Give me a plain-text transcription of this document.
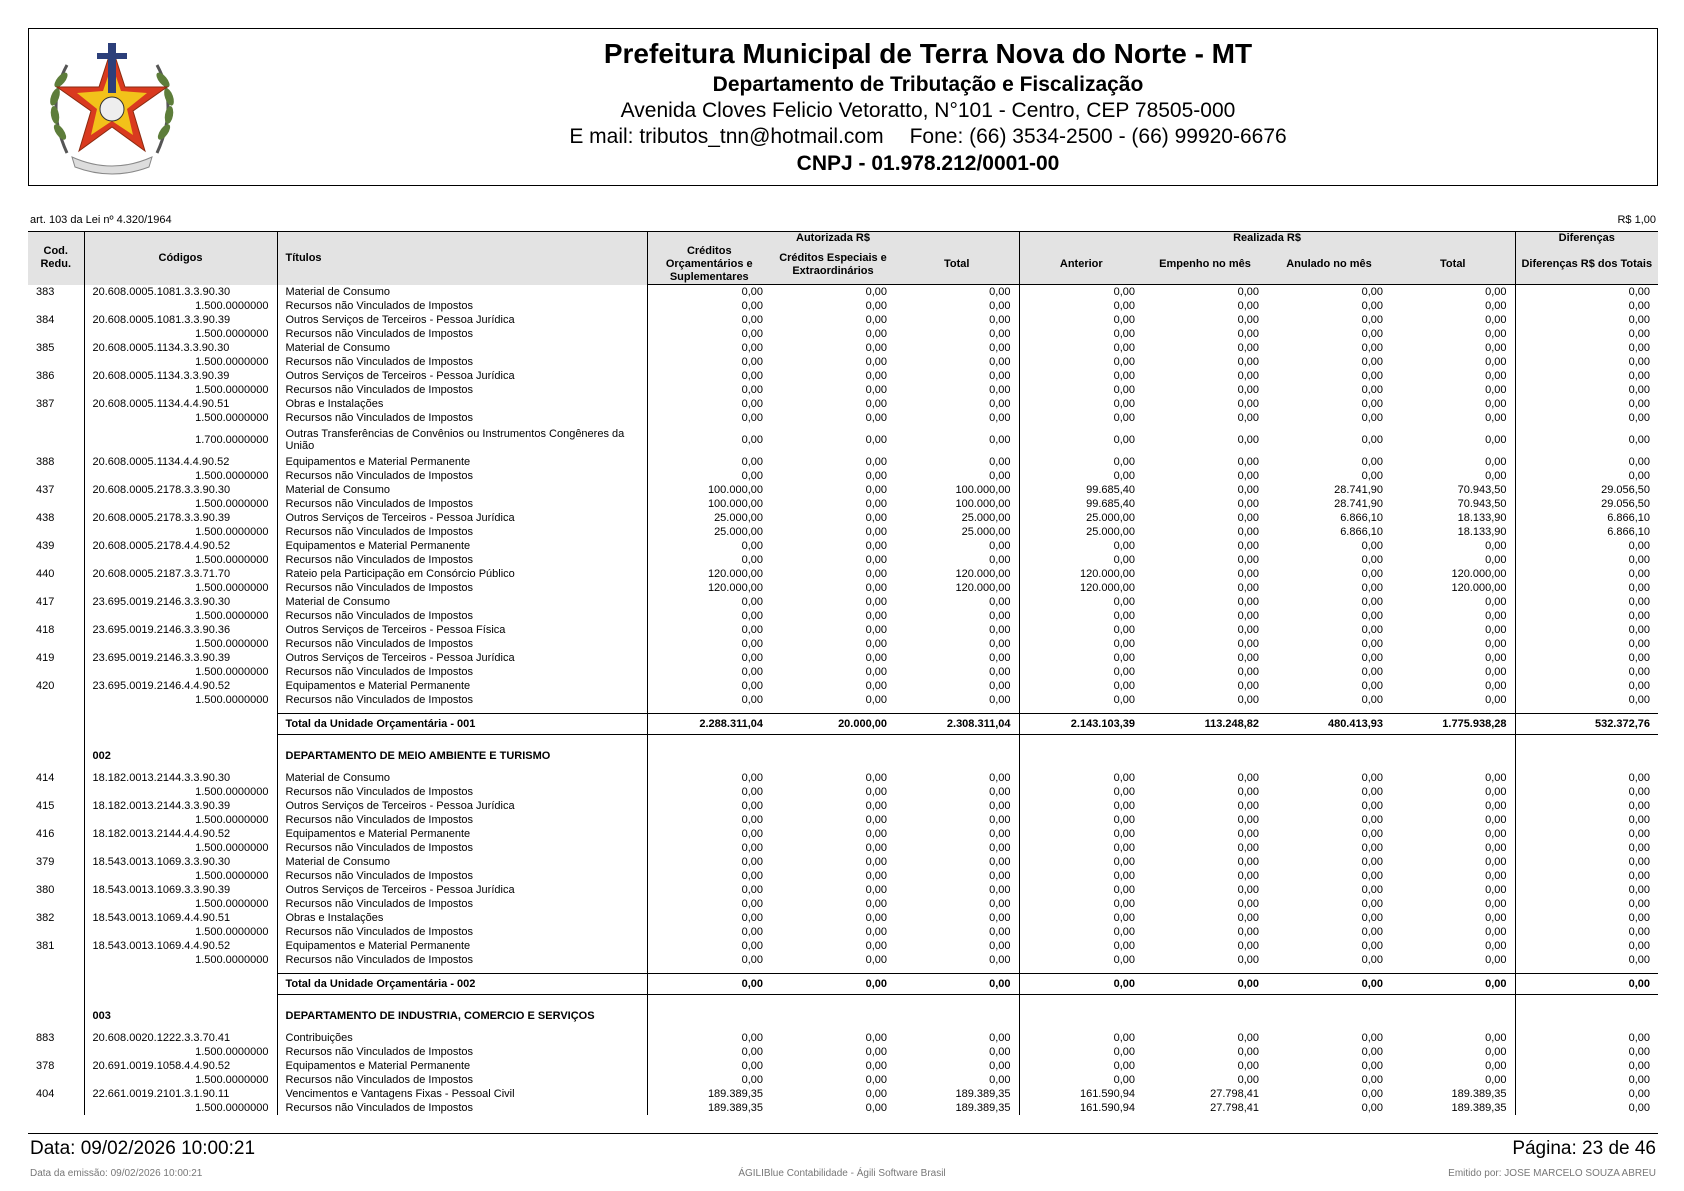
Prefeitura Municipal de Terra Nova do Norte - MT
Departamento de Tributação e Fiscalização
Avenida Cloves Felicio Vetoratto, N°101 - Centro, CEP 78505-000
E mail: tributos_tnn@hotmail.com Fone: (66) 3534-2500 - (66) 99920-6676
CNPJ - 01.978.212/0001-00
art. 103 da Lei nº 4.320/1964	R$ 1,00
Cod. Redu.	Códigos	Títulos	Autorizada R$			Realizada R$				Diferenças
			Créditos Orçamentários e Suplementares	Créditos Especiais e Extraordinários	Total	Anterior	Empenho no mês	Anulado no mês	Total	Diferenças R$ dos Totais
383	20.608.0005.1081.3.3.90.30	Material de Consumo	0,00	0,00	0,00	0,00	0,00	0,00	0,00	0,00
	1.500.0000000	Recursos não Vinculados de Impostos	0,00	0,00	0,00	0,00	0,00	0,00	0,00	0,00
384	20.608.0005.1081.3.3.90.39	Outros Serviços de Terceiros - Pessoa Jurídica	0,00	0,00	0,00	0,00	0,00	0,00	0,00	0,00
	1.500.0000000	Recursos não Vinculados de Impostos	0,00	0,00	0,00	0,00	0,00	0,00	0,00	0,00
385	20.608.0005.1134.3.3.90.30	Material de Consumo	0,00	0,00	0,00	0,00	0,00	0,00	0,00	0,00
	1.500.0000000	Recursos não Vinculados de Impostos	0,00	0,00	0,00	0,00	0,00	0,00	0,00	0,00
386	20.608.0005.1134.3.3.90.39	Outros Serviços de Terceiros - Pessoa Jurídica	0,00	0,00	0,00	0,00	0,00	0,00	0,00	0,00
	1.500.0000000	Recursos não Vinculados de Impostos	0,00	0,00	0,00	0,00	0,00	0,00	0,00	0,00
387	20.608.0005.1134.4.4.90.51	Obras e Instalações	0,00	0,00	0,00	0,00	0,00	0,00	0,00	0,00
	1.500.0000000	Recursos não Vinculados de Impostos	0,00	0,00	0,00	0,00	0,00	0,00	0,00	0,00
	1.700.0000000	Outras Transferências de Convênios ou Instrumentos Congêneres da União	0,00	0,00	0,00	0,00	0,00	0,00	0,00	0,00
388	20.608.0005.1134.4.4.90.52	Equipamentos e Material Permanente	0,00	0,00	0,00	0,00	0,00	0,00	0,00	0,00
	1.500.0000000	Recursos não Vinculados de Impostos	0,00	0,00	0,00	0,00	0,00	0,00	0,00	0,00
437	20.608.0005.2178.3.3.90.30	Material de Consumo	100.000,00	0,00	100.000,00	99.685,40	0,00	28.741,90	70.943,50	29.056,50
	1.500.0000000	Recursos não Vinculados de Impostos	100.000,00	0,00	100.000,00	99.685,40	0,00	28.741,90	70.943,50	29.056,50
438	20.608.0005.2178.3.3.90.39	Outros Serviços de Terceiros - Pessoa Jurídica	25.000,00	0,00	25.000,00	25.000,00	0,00	6.866,10	18.133,90	6.866,10
	1.500.0000000	Recursos não Vinculados de Impostos	25.000,00	0,00	25.000,00	25.000,00	0,00	6.866,10	18.133,90	6.866,10
439	20.608.0005.2178.4.4.90.52	Equipamentos e Material Permanente	0,00	0,00	0,00	0,00	0,00	0,00	0,00	0,00
	1.500.0000000	Recursos não Vinculados de Impostos	0,00	0,00	0,00	0,00	0,00	0,00	0,00	0,00
440	20.608.0005.2187.3.3.71.70	Rateio pela Participação em Consórcio Público	120.000,00	0,00	120.000,00	120.000,00	0,00	0,00	120.000,00	0,00
	1.500.0000000	Recursos não Vinculados de Impostos	120.000,00	0,00	120.000,00	120.000,00	0,00	0,00	120.000,00	0,00
417	23.695.0019.2146.3.3.90.30	Material de Consumo	0,00	0,00	0,00	0,00	0,00	0,00	0,00	0,00
	1.500.0000000	Recursos não Vinculados de Impostos	0,00	0,00	0,00	0,00	0,00	0,00	0,00	0,00
418	23.695.0019.2146.3.3.90.36	Outros Serviços de Terceiros - Pessoa Física	0,00	0,00	0,00	0,00	0,00	0,00	0,00	0,00
	1.500.0000000	Recursos não Vinculados de Impostos	0,00	0,00	0,00	0,00	0,00	0,00	0,00	0,00
419	23.695.0019.2146.3.3.90.39	Outros Serviços de Terceiros - Pessoa Jurídica	0,00	0,00	0,00	0,00	0,00	0,00	0,00	0,00
	1.500.0000000	Recursos não Vinculados de Impostos	0,00	0,00	0,00	0,00	0,00	0,00	0,00	0,00
420	23.695.0019.2146.4.4.90.52	Equipamentos e Material Permanente	0,00	0,00	0,00	0,00	0,00	0,00	0,00	0,00
	1.500.0000000	Recursos não Vinculados de Impostos	0,00	0,00	0,00	0,00	0,00	0,00	0,00	0,00

		Total da Unidade Orçamentária - 001	2.288.311,04	20.000,00	2.308.311,04	2.143.103,39	113.248,82	480.413,93	1.775.938,28	532.372,76

	002	DEPARTAMENTO DE MEIO AMBIENTE E TURISMO								
414	18.182.0013.2144.3.3.90.30	Material de Consumo	0,00	0,00	0,00	0,00	0,00	0,00	0,00	0,00
	1.500.0000000	Recursos não Vinculados de Impostos	0,00	0,00	0,00	0,00	0,00	0,00	0,00	0,00
415	18.182.0013.2144.3.3.90.39	Outros Serviços de Terceiros - Pessoa Jurídica	0,00	0,00	0,00	0,00	0,00	0,00	0,00	0,00
	1.500.0000000	Recursos não Vinculados de Impostos	0,00	0,00	0,00	0,00	0,00	0,00	0,00	0,00
416	18.182.0013.2144.4.4.90.52	Equipamentos e Material Permanente	0,00	0,00	0,00	0,00	0,00	0,00	0,00	0,00
	1.500.0000000	Recursos não Vinculados de Impostos	0,00	0,00	0,00	0,00	0,00	0,00	0,00	0,00
379	18.543.0013.1069.3.3.90.30	Material de Consumo	0,00	0,00	0,00	0,00	0,00	0,00	0,00	0,00
	1.500.0000000	Recursos não Vinculados de Impostos	0,00	0,00	0,00	0,00	0,00	0,00	0,00	0,00
380	18.543.0013.1069.3.3.90.39	Outros Serviços de Terceiros - Pessoa Jurídica	0,00	0,00	0,00	0,00	0,00	0,00	0,00	0,00
	1.500.0000000	Recursos não Vinculados de Impostos	0,00	0,00	0,00	0,00	0,00	0,00	0,00	0,00
382	18.543.0013.1069.4.4.90.51	Obras e Instalações	0,00	0,00	0,00	0,00	0,00	0,00	0,00	0,00
	1.500.0000000	Recursos não Vinculados de Impostos	0,00	0,00	0,00	0,00	0,00	0,00	0,00	0,00
381	18.543.0013.1069.4.4.90.52	Equipamentos e Material Permanente	0,00	0,00	0,00	0,00	0,00	0,00	0,00	0,00
	1.500.0000000	Recursos não Vinculados de Impostos	0,00	0,00	0,00	0,00	0,00	0,00	0,00	0,00

		Total da Unidade Orçamentária - 002	0,00	0,00	0,00	0,00	0,00	0,00	0,00	0,00

	003	DEPARTAMENTO DE INDUSTRIA, COMERCIO E SERVIÇOS								
883	20.608.0020.1222.3.3.70.41	Contribuições	0,00	0,00	0,00	0,00	0,00	0,00	0,00	0,00
	1.500.0000000	Recursos não Vinculados de Impostos	0,00	0,00	0,00	0,00	0,00	0,00	0,00	0,00
378	20.691.0019.1058.4.4.90.52	Equipamentos e Material Permanente	0,00	0,00	0,00	0,00	0,00	0,00	0,00	0,00
	1.500.0000000	Recursos não Vinculados de Impostos	0,00	0,00	0,00	0,00	0,00	0,00	0,00	0,00
404	22.661.0019.2101.3.1.90.11	Vencimentos e Vantagens Fixas - Pessoal Civil	189.389,35	0,00	189.389,35	161.590,94	27.798,41	0,00	189.389,35	0,00
	1.500.0000000	Recursos não Vinculados de Impostos	189.389,35	0,00	189.389,35	161.590,94	27.798,41	0,00	189.389,35	0,00
Data: 09/02/2026 10:00:21	Página: 23 de 46
Data da emissão: 09/02/2026 10:00:21	ÁGILIBlue Contabilidade - Ágili Software Brasil	Emitido por: JOSE MARCELO SOUZA ABREU
